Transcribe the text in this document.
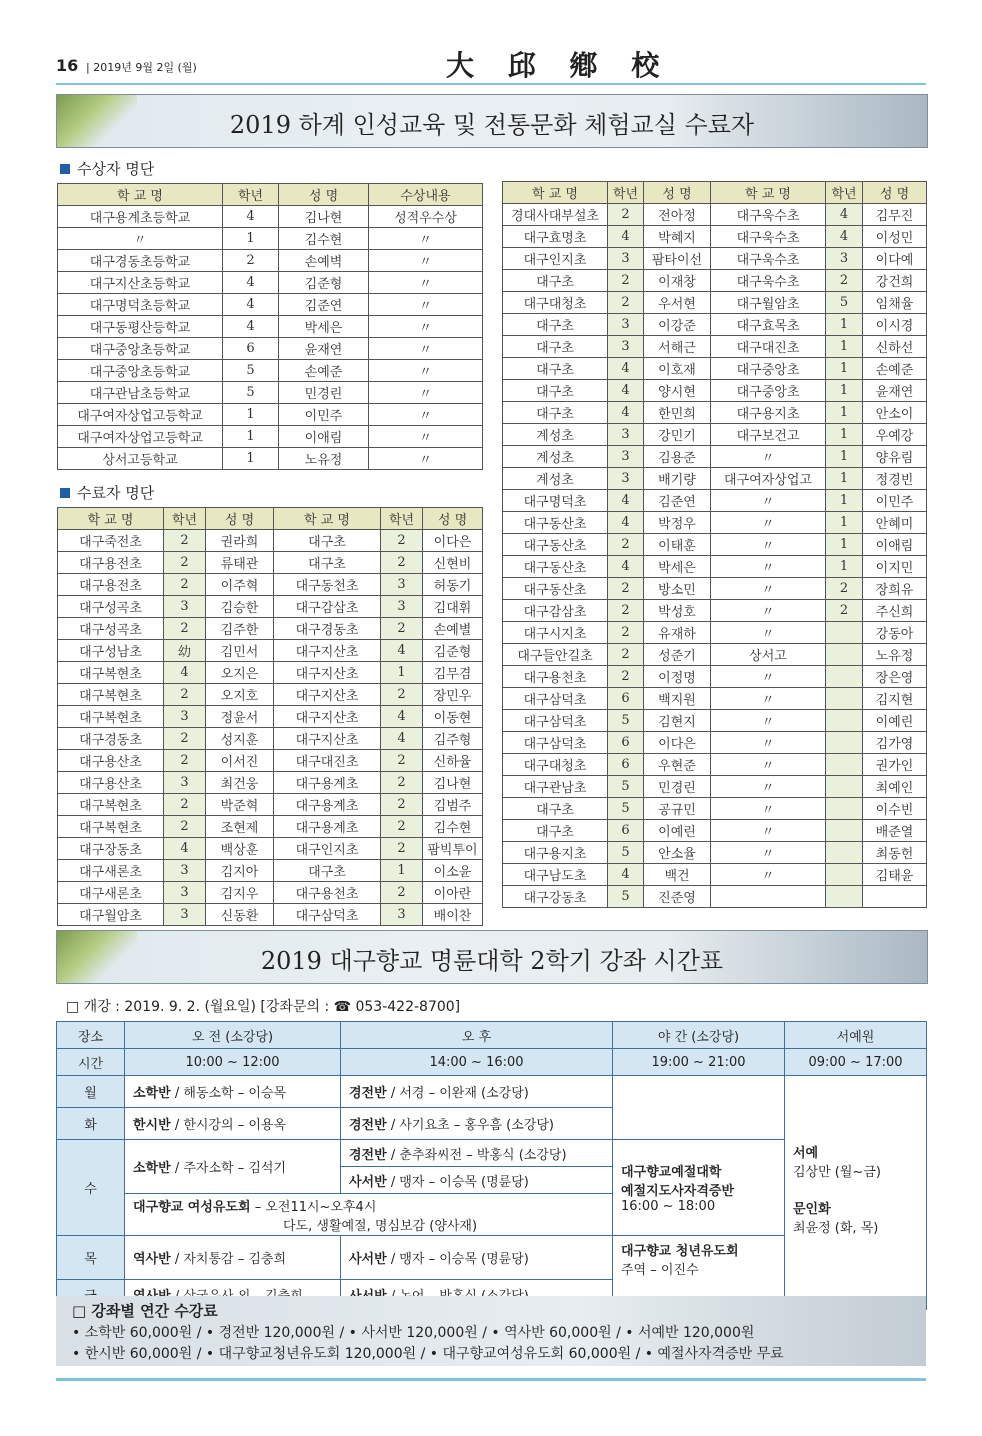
16 | 2019년 9월 2일 (월)	大 邱 鄕 校
2019 하계 인성교육 및 전통문화 체험교실 수료자
수상자 명단
학 교 명	학년	성 명	수상내용
대구용계초등학교	4	김나현	성적우수상
〃	1	김수현	〃
대구경동초등학교	2	손예벽	〃
대구지산초등학교	4	김준형	〃
대구명덕초등학교	4	김준연	〃
대구동평산등학교	4	박세은	〃
대구중앙초등학교	6	윤재연	〃
대구중앙초등학교	5	손예준	〃
대구관남초등학교	5	민경린	〃
대구여자상업고등학교	1	이민주	〃
대구여자상업고등학교	1	이애림	〃
상서고등학교	1	노유정	〃
수료자 명단
학 교 명	학년	성 명	학 교 명	학년	성 명
대구죽전초	2	권라희	대구초	2	이다은
대구용전초	2	류태관	대구초	2	신현비
대구용전초	2	이주혁	대구동천초	3	허동기
대구성곡초	3	김승한	대구감삼초	3	김대휘
대구성곡초	2	김주한	대구경동초	2	손예별
대구성남초	幼	김민서	대구지산초	4	김준형
대구복현초	4	오지은	대구지산초	1	김무겸
대구복현초	2	오지호	대구지산초	2	장민우
대구복현초	3	정윤서	대구지산초	4	이동현
대구경동초	2	성지훈	대구지산초	4	김주형
대구용산초	2	이서진	대구대진초	2	신하율
대구용산초	3	최건웅	대구용계초	2	김나현
대구복현초	2	박준혁	대구용계초	2	김범주
대구복현초	2	조현제	대구용계초	2	김수현
대구장동초	4	백상훈	대구인지초	2	팜빅투이
대구새론초	3	김지아	대구초	1	이소윤
대구새론초	3	김지우	대구용천초	2	이아란
대구월암초	3	신동환	대구삼덕초	3	배이찬
학 교 명	학년	성 명	학 교 명	학년	성 명
경대사대부설초	2	전아정	대구욱수초	4	김무진
대구효명초	4	박혜지	대구욱수초	4	이성민
대구인지초	3	팜타이선	대구욱수초	3	이다예
대구초	2	이재창	대구욱수초	2	강건희
대구대청초	2	우서현	대구월암초	5	임채율
대구초	3	이강준	대구효목초	1	이시경
대구초	3	서해근	대구대진초	1	신하선
대구초	4	이호재	대구중앙초	1	손예준
대구초	4	양시현	대구중앙초	1	윤재연
대구초	4	한민희	대구용지초	1	안소이
계성초	3	강민기	대구보건고	1	우예강
계성초	3	김용준	〃	1	양유림
계성초	3	배기량	대구여자상업고	1	정경빈
대구명덕초	4	김준연	〃	1	이민주
대구동산초	4	박정우	〃	1	안혜미
대구동산초	2	이태훈	〃	1	이애림
대구동산초	4	박세은	〃	1	이지민
대구동산초	2	방소민	〃	2	장희유
대구감삼초	2	박성호	〃	2	주신희
대구시지초	2	유재하	〃		강동아
대구들안길초	2	성준기	상서고		노유정
대구용천초	2	이정명	〃		장은영
대구삼덕초	6	백지원	〃		김지현
대구삼덕초	5	김현지	〃		이예린
대구삼덕초	6	이다은	〃		김가영
대구대청초	6	우현준	〃		권가인
대구관남초	5	민경린	〃		최예인
대구초	5	공규민	〃		이수빈
대구초	6	이예린	〃		배준열
대구용지초	5	안소율	〃		최동헌
대구남도초	4	백건	〃		김태윤
대구강동초	5	진준영			
2019 대구향교 명륜대학 2학기 강좌 시간표
□ 개강 : 2019. 9. 2. (월요일) [강좌문의 : ☎ 053-422-8700]
장소	오 전 (소강당)	오 후	야 간 (소강당)	서예원
시간	10:00 ~ 12:00	14:00 ~ 16:00	19:00 ~ 21:00	09:00 ~ 17:00
월	소학반 / 해동소학 – 이승목	경전반 / 서경 – 이완재 (소강당)		서예
김상만 (월~금)
문인화
최윤정 (화, 목)

화	한시반 / 한시강의 – 이용옥	경전반 / 사기요초 – 홍우흠 (소강당)		
수	소학반 / 주자소학 – 김석기	경전반 / 춘추좌씨전 – 박홍식 (소강당)	대구향교예절대학
예절지도사자격증반
16:00 ~ 18:00	

		사서반 / 맹자 – 이승목 (명륜당)		

	대구향교 여성유도회 – 오전11시~오후4시
다도, 생활예절, 명심보감 (양사재)			

목	역사반 / 자치통감 – 김충희	사서반 / 맹자 – 이승목 (명륜당)	대구향교 청년유도회
주역 – 이진수	

□ 강좌별 연간 수강료
• 소학반 60,000원 / • 경전반 120,000원 / • 사서반 120,000원 / • 역사반 60,000원 / • 서예반 120,000원
• 한시반 60,000원 / • 대구향교청년유도회 120,000원 / • 대구향교여성유도회 60,000원 / • 예절사자격증반 무료
